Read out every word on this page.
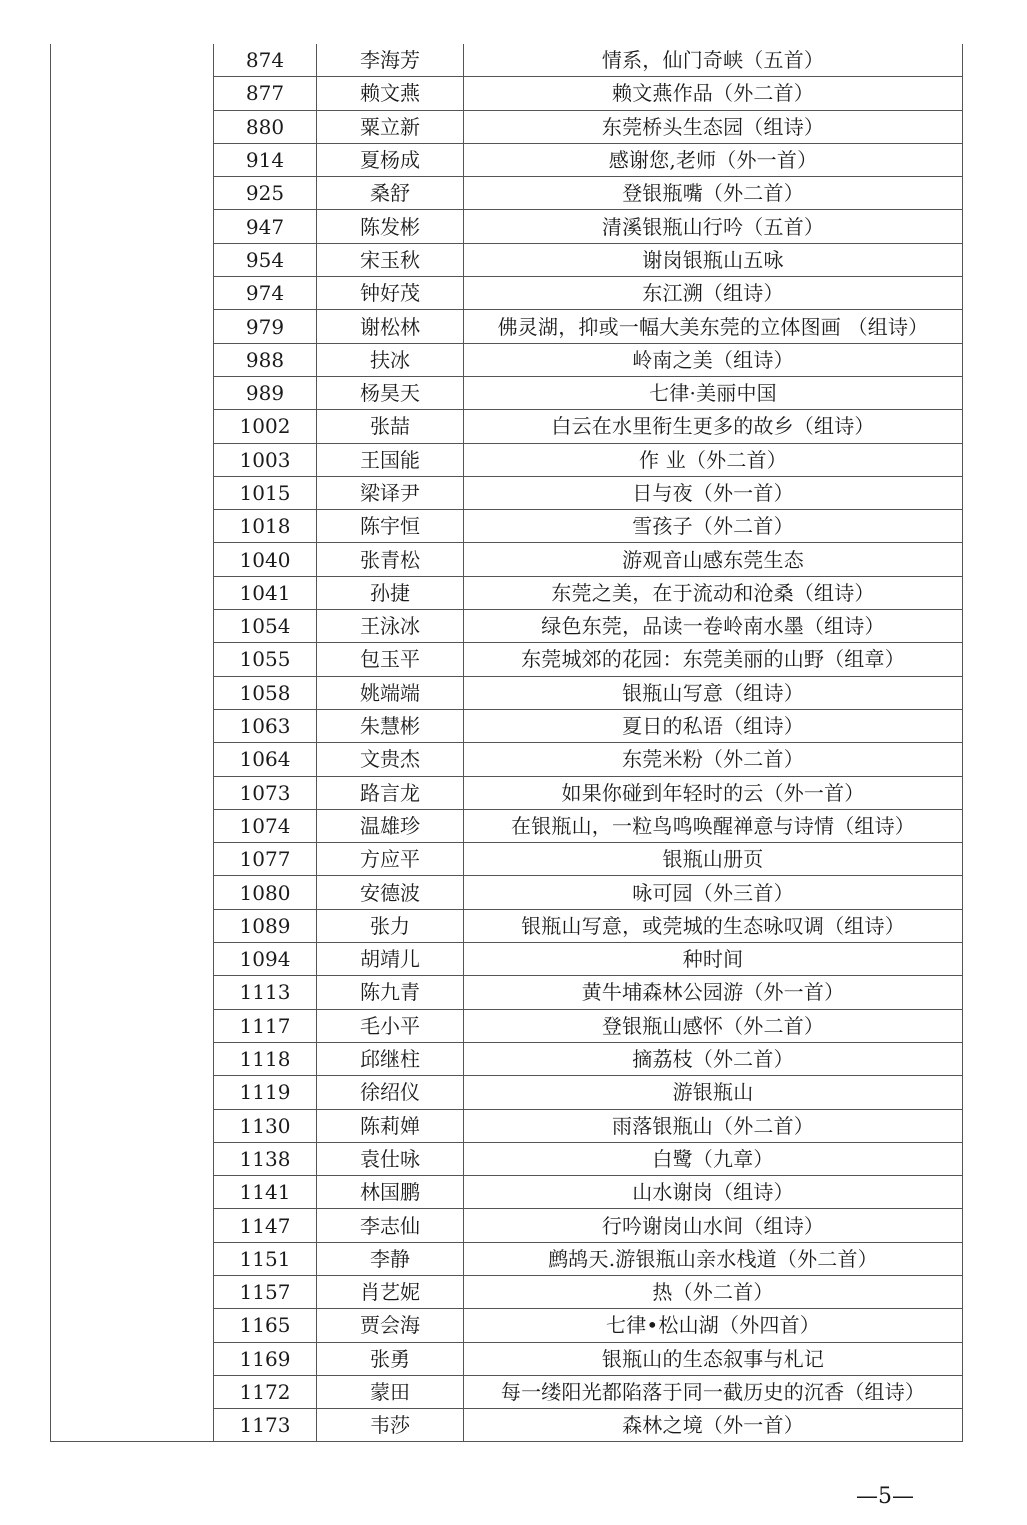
	874	李海芳	情系，仙门奇峡（五首）
	877	赖文燕	赖文燕作品（外二首）
	880	粟立新	东莞桥头生态园（组诗）
	914	夏杨成	感谢您,老师（外一首）
	925	桑舒	登银瓶嘴（外二首）
	947	陈发彬	清溪银瓶山行吟（五首）
	954	宋玉秋	谢岗银瓶山五咏
	974	钟好茂	东江溯（组诗）
	979	谢松林	佛灵湖，抑或一幅大美东莞的立体图画 （组诗）
	988	扶冰	岭南之美（组诗）
	989	杨昊天	七律·美丽中国
	1002	张喆	白云在水里衔生更多的故乡（组诗）
	1003	王国能	作 业（外二首）
	1015	梁译尹	日与夜（外一首）
	1018	陈宇恒	雪孩子（外二首）
	1040	张青松	游观音山感东莞生态
	1041	孙捷	东莞之美，在于流动和沧桑（组诗）
	1054	王泳冰	绿色东莞，品读一卷岭南水墨（组诗）
	1055	包玉平	东莞城郊的花园：东莞美丽的山野（组章）
	1058	姚端端	银瓶山写意（组诗）
	1063	朱慧彬	夏日的私语（组诗）
	1064	文贵杰	东莞米粉（外二首）
	1073	路言龙	如果你碰到年轻时的云（外一首）
	1074	温雄珍	在银瓶山，一粒鸟鸣唤醒禅意与诗情（组诗）
	1077	方应平	银瓶山册页
	1080	安德波	咏可园（外三首）
	1089	张力	银瓶山写意，或莞城的生态咏叹调（组诗）
	1094	胡靖儿	种时间
	1113	陈九青	黄牛埔森林公园游（外一首）
	1117	毛小平	登银瓶山感怀（外二首）
	1118	邱继柱	摘荔枝（外二首）
	1119	徐绍仪	游银瓶山
	1130	陈莉婵	雨落银瓶山（外二首）
	1138	袁仕咏	白鹭（九章）
	1141	林国鹏	山水谢岗（组诗）
	1147	李志仙	行吟谢岗山水间（组诗）
	1151	李静	鹧鸪天.游银瓶山亲水栈道（外二首）
	1157	肖艺妮	热（外二首）
	1165	贾会海	七律•松山湖（外四首）
	1169	张勇	银瓶山的生态叙事与札记
	1172	蒙田	每一缕阳光都陷落于同一截历史的沉香（组诗）
	1173	韦莎	森林之境（外一首）
—5—
